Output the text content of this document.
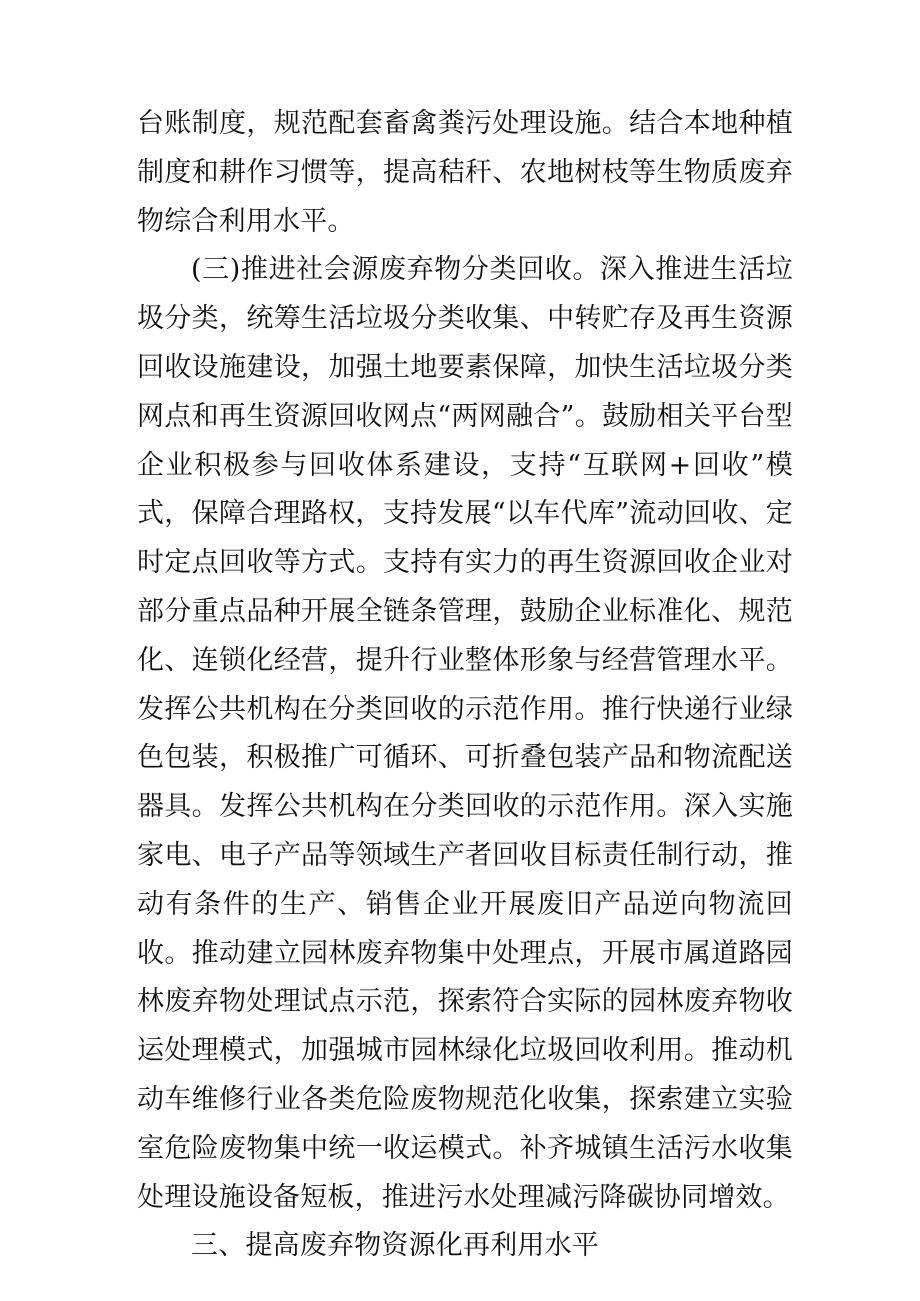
台账制度，规范配套畜禽粪污处理设施。结合本地种植制度和耕作习惯等，提高秸秆、农地树枝等生物质废弃物综合利用水平。

(三)推进社会源废弃物分类回收。深入推进生活垃圾分类，统筹生活垃圾分类收集、中转贮存及再生资源回收设施建设，加强土地要素保障，加快生活垃圾分类网点和再生资源回收网点“两网融合”。鼓励相关平台型企业积极参与回收体系建设，支持“互联网+回收”模式，保障合理路权，支持发展“以车代库”流动回收、定时定点回收等方式。支持有实力的再生资源回收企业对部分重点品种开展全链条管理，鼓励企业标准化、规范化、连锁化经营，提升行业整体形象与经营管理水平。发挥公共机构在分类回收的示范作用。推行快递行业绿色包装，积极推广可循环、可折叠包装产品和物流配送器具。发挥公共机构在分类回收的示范作用。深入实施家电、电子产品等领域生产者回收目标责任制行动，推动有条件的生产、销售企业开展废旧产品逆向物流回收。推动建立园林废弃物集中处理点，开展市属道路园林废弃物处理试点示范，探索符合实际的园林废弃物收运处理模式，加强城市园林绿化垃圾回收利用。推动机动车维修行业各类危险废物规范化收集，探索建立实验室危险废物集中统一收运模式。补齐城镇生活污水收集处理设施设备短板，推进污水处理减污降碳协同增效。

三、提高废弃物资源化再利用水平
